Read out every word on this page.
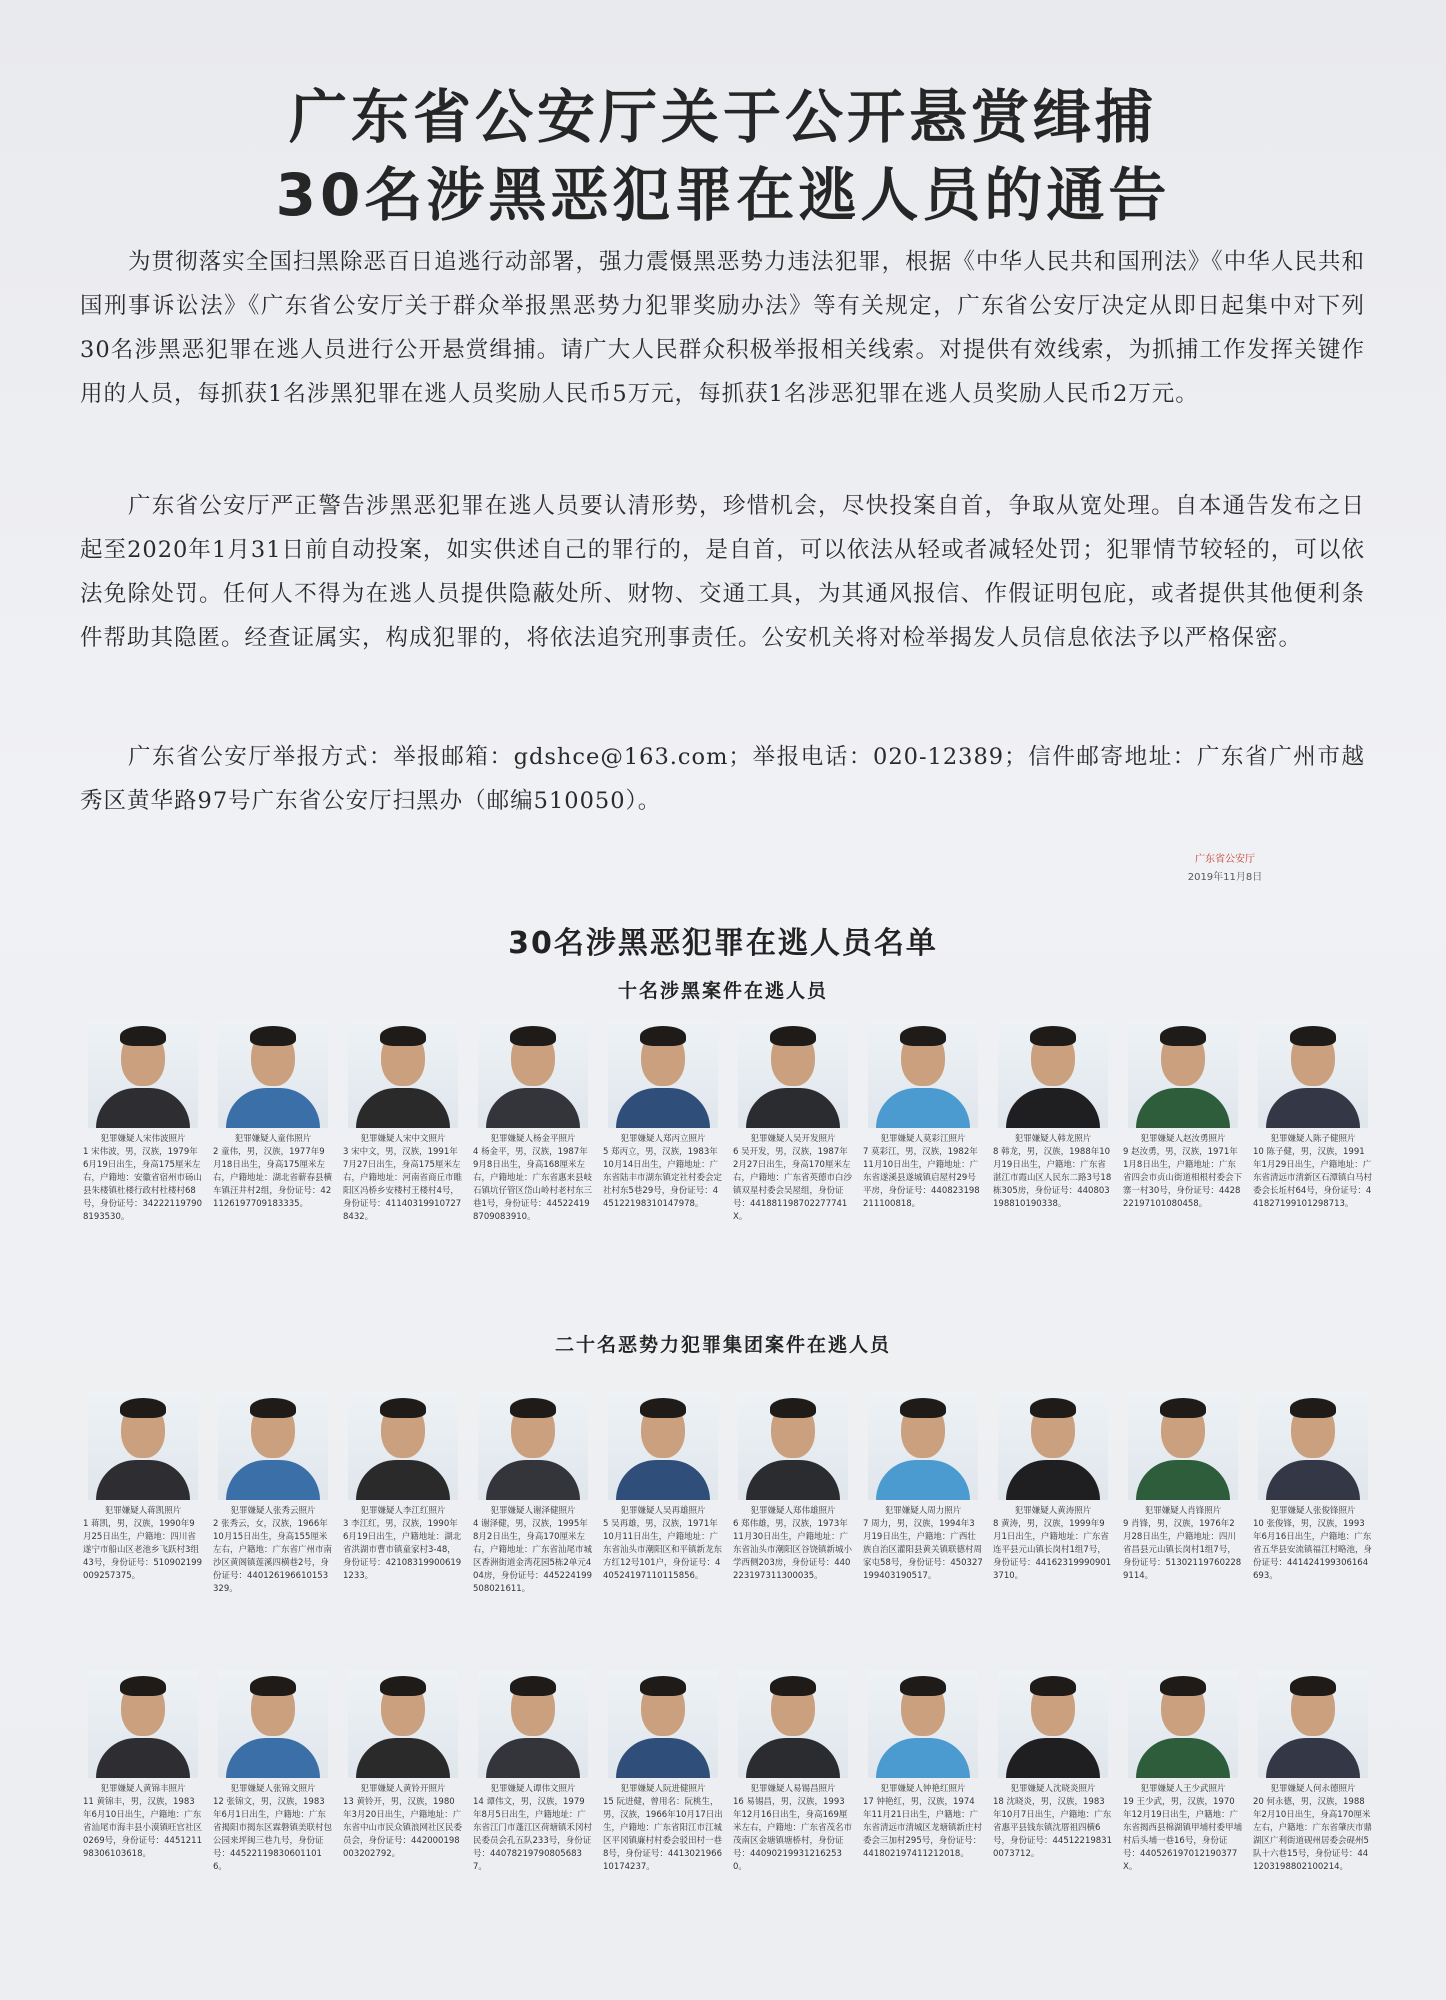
广东省公安厅关于公开悬赏缉捕
30名涉黑恶犯罪在逃人员的通告
为贯彻落实全国扫黑除恶百日追逃行动部署，强力震慑黑恶势力违法犯罪，根据《中华人民共和国刑法》《中华人民共和国刑事诉讼法》《广东省公安厅关于群众举报黑恶势力犯罪奖励办法》等有关规定，广东省公安厅决定从即日起集中对下列30名涉黑恶犯罪在逃人员进行公开悬赏缉捕。请广大人民群众积极举报相关线索。对提供有效线索，为抓捕工作发挥关键作用的人员，每抓获1名涉黑犯罪在逃人员奖励人民币5万元，每抓获1名涉恶犯罪在逃人员奖励人民币2万元。
广东省公安厅严正警告涉黑恶犯罪在逃人员要认清形势，珍惜机会，尽快投案自首，争取从宽处理。自本通告发布之日起至2020年1月31日前自动投案，如实供述自己的罪行的，是自首，可以依法从轻或者减轻处罚；犯罪情节较轻的，可以依法免除处罚。任何人不得为在逃人员提供隐蔽处所、财物、交通工具，为其通风报信、作假证明包庇，或者提供其他便利条件帮助其隐匿。经查证属实，构成犯罪的，将依法追究刑事责任。公安机关将对检举揭发人员信息依法予以严格保密。
广东省公安厅举报方式：举报邮箱：gdshce@163.com；举报电话：020-12389；信件邮寄地址：广东省广州市越秀区黄华路97号广东省公安厅扫黑办（邮编510050）。
广东省公安厅
2019年11月8日
30名涉黑恶犯罪在逃人员名单
十名涉黑案件在逃人员
犯罪嫌疑人宋伟波照片
1 宋伟波，男，汉族，1979年6月19日出生，身高175厘米左右，户籍地：安徽省宿州市砀山县朱楼镇杜楼行政村杜楼村68号，身份证号：342221197908193530。
犯罪嫌疑人童伟照片
2 童伟，男，汉族，1977年9月18日出生，身高175厘米左右，户籍地址：湖北省蕲春县横车镇汪井村2组，身份证号：421126197709183335。
犯罪嫌疑人宋中文照片
3 宋中文，男，汉族，1991年7月27日出生，身高175厘米左右，户籍地址：河南省商丘市睢阳区冯桥乡安楼村王楼村4号，身份证号：411403199107278432。
犯罪嫌疑人杨金平照片
4 杨金平，男，汉族，1987年9月8日出生，身高168厘米左右，户籍地址：广东省惠来县岐石镇坑仔管区岱山岭村老村东三巷1号，身份证号：445224198709083910。
犯罪嫌疑人郑丙立照片
5 郑丙立，男，汉族，1983年10月14日出生，户籍地址：广东省陆丰市湖东镇定社村委会定社村东5巷29号，身份证号：445122198310147978。
犯罪嫌疑人吴开发照片
6 吴开发，男，汉族，1987年2月27日出生，身高170厘米左右，户籍地：广东省英德市白沙镇双星村委会吴屋组，身份证号：441881198702277741X。
犯罪嫌疑人莫彩江照片
7 莫彩江，男，汉族，1982年11月10日出生，户籍地址：广东省遂溪县遂城镇启屋村29号平房，身份证号：440823198211100818。
犯罪嫌疑人韩龙照片
8 韩龙，男，汉族，1988年10月19日出生，户籍地：广东省湛江市霞山区人民东二路3号18栋305房，身份证号：440803198810190338。
犯罪嫌疑人赵汝勇照片
9 赵汝勇，男，汉族，1971年1月8日出生，户籍地址：广东省四会市贞山街道相根村委会下寨一村30号，身份证号：442822197101080458。
犯罪嫌疑人陈子健照片
10 陈子健，男，汉族，1991年1月29日出生，户籍地址：广东省清远市清新区石潭镇白马村委会长坵村64号，身份证号：441827199101298713。
二十名恶势力犯罪集团案件在逃人员
犯罪嫌疑人蒋凯照片
1 蒋凯，男，汉族，1990年9月25日出生，户籍地：四川省遂宁市船山区老池乡飞跃村3组43号，身份证号：510902199009257375。
犯罪嫌疑人张秀云照片
2 张秀云，女，汉族，1966年10月15日出生，身高155厘米左右，户籍地：广东省广州市南沙区黄阁镇莲溪四横巷2号，身份证号：440126196610153329。
犯罪嫌疑人李江红照片
3 李江红，男，汉族，1990年6月19日出生，户籍地址：湖北省洪湖市曹市镇童家村3-48，身份证号：421083199006191233。
犯罪嫌疑人谢泽健照片
4 谢泽健，男，汉族，1995年8月2日出生，身高170厘米左右，户籍地址：广东省汕尾市城区香洲街道金湾花园5栋2单元404房，身份证号：445224199508021611。
犯罪嫌疑人吴再雄照片
5 吴再雄，男，汉族，1971年10月11日出生，户籍地址：广东省汕头市潮阳区和平镇新龙东方红12号101户，身份证号：440524197110115856。
犯罪嫌疑人郑伟雄照片
6 郑伟雄，男，汉族，1973年11月30日出生，户籍地址：广东省汕头市潮阳区谷饶镇新城小学西侧203房，身份证号：440223197311300035。
犯罪嫌疑人周力照片
7 周力，男，汉族，1994年3月19日出生，户籍地：广西壮族自治区灌阳县黄关镇联德村周家屯58号，身份证号：450327199403190517。
犯罪嫌疑人黄涛照片
8 黄涛，男，汉族，1999年9月1日出生，户籍地址：广东省连平县元山镇长岗村1组7号，身份证号：441623199909013710。
犯罪嫌疑人肖锋照片
9 肖锋，男，汉族，1976年2月28日出生，户籍地址：四川省昌县元山镇长岗村1组7号，身份证号：513021197602289114。
犯罪嫌疑人张俊锋照片
10 张俊锋，男，汉族，1993年6月16日出生，户籍地：广东省五华县安流镇福江村略池，身份证号：441424199306164693。
犯罪嫌疑人黄锦丰照片
11 黄锦丰，男，汉族，1983年6月10日出生，户籍地：广东省汕尾市海丰县小漠镇旺官社区0269号，身份证号：445121198306103618。
犯罪嫌疑人张锦文照片
12 张锦文，男，汉族，1983年6月1日出生，户籍地：广东省揭阳市揭东区霖磐镇美联村包公园来坪闽三巷九号，身份证号：445221198306011016。
犯罪嫌疑人黄铃开照片
13 黄铃开，男，汉族，1980年3月20日出生，户籍地址：广东省中山市民众镇浪网社区民委员会，身份证号：442000198003202792。
犯罪嫌疑人谭伟文照片
14 谭伟文，男，汉族，1979年8月5日出生，户籍地址：广东省江门市蓬江区荷塘镇禾冈村民委员会孔五队233号，身份证号：440782197908056837。
犯罪嫌疑人阮进健照片
15 阮进健，曾用名：阮桃生，男，汉族，1966年10月17日出生，户籍地：广东省阳江市江城区平冈镇廉村村委会驳田村一巷8号，身份证号：441302196610174237。
犯罪嫌疑人易锡昌照片
16 易锡昌，男，汉族，1993年12月16日出生，身高169厘米左右，户籍地：广东省茂名市茂南区金塘镇塘桥村，身份证号：440902199312162530。
犯罪嫌疑人钟艳红照片
17 钟艳红，男，汉族，1974年11月21日出生，户籍地：广东省清远市清城区龙塘镇新庄村委会三加村295号，身份证号：441802197411212018。
犯罪嫌疑人沈晓炎照片
18 沈晓炎，男，汉族，1983年10月7日出生，户籍地：广东省惠平县钱东镇沈厝祖四横6号，身份证号：445122198310073712。
犯罪嫌疑人王少武照片
19 王少武，男，汉族，1970年12月19日出生，户籍地：广东省揭西县棉湖镇甲埔村委甲埔村后头埔一巷16号，身份证号：440526197012190377X。
犯罪嫌疑人何永德照片
20 何永德，男，汉族，1988年2月10日出生，身高170厘米左右，户籍地：广东省肇庆市鼎湖区广利街道砚州居委会砚州5队十六巷15号，身份证号：441203198802100214。
